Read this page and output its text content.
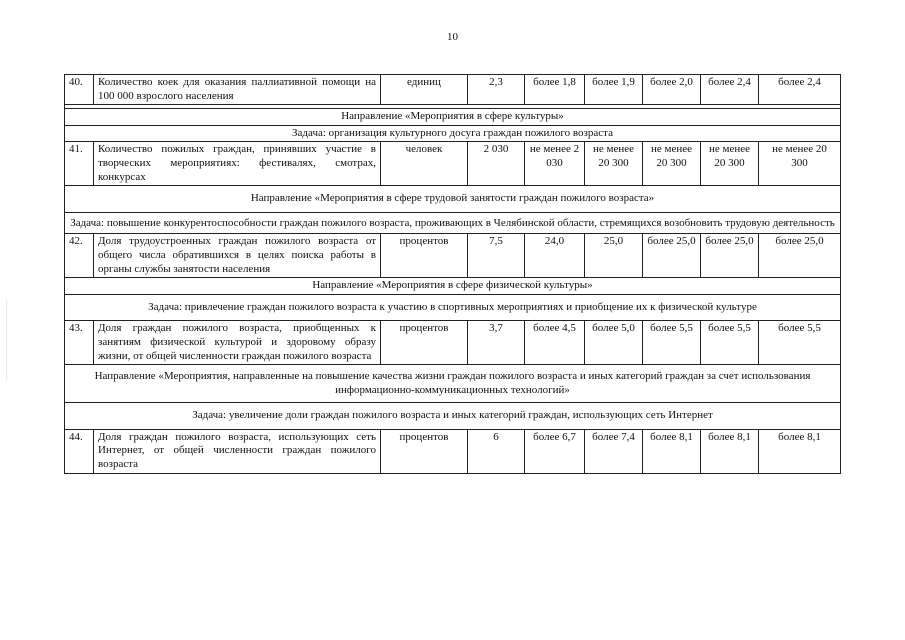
10
40.	Количество коек для оказания паллиативной помощи на 100 000 взрослого населения	единиц	2,3	более 1,8	более 1,9	более 2,0	более 2,4	более 2,4

Направление «Мероприятия в сфере культуры»								
Задача: организация культурного досуга граждан пожилого возраста								
41.	Количество пожилых граждан, принявших участие в творческих мероприятиях: фестивалях, смотрах, конкурсах	человек	2 030	не менее 2 030	не менее 20 300	не менее 20 300	не менее 20 300	не менее 20 300
Направление «Мероприятия в сфере трудовой занятости граждан пожилого возраста»								
Задача: повышение конкурентоспособности граждан пожилого возраста, проживающих в Челябинской области, стремящихся возобновить трудовую деятельность								
42.	Доля трудоустроенных граждан пожилого возраста от общего числа обратившихся в целях поиска работы в органы службы занятости населения	процентов	7,5	24,0	25,0	более 25,0	более 25,0	более 25,0
Направление «Мероприятия в сфере физической культуры»								
Задача: привлечение граждан пожилого возраста к участию в спортивных мероприятиях и приобщение их к физической культуре								
43.	Доля граждан пожилого возраста, приобщенных к занятиям физической культурой и здоровому образу жизни, от общей численности граждан пожилого возраста	процентов	3,7	более 4,5	более 5,0	более 5,5	более 5,5	более 5,5
Направление «Мероприятия, направленные на повышение качества жизни граждан пожилого возраста и иных категорий граждан за счет использования информационно-коммуникационных технологий»								
Задача: увеличение доли граждан пожилого возраста и иных категорий граждан, использующих сеть Интернет								
44.	Доля граждан пожилого возраста, использующих сеть Интернет, от общей численности граждан пожилого возраста	процентов	6	более 6,7	более 7,4	более 8,1	более 8,1	более 8,1
